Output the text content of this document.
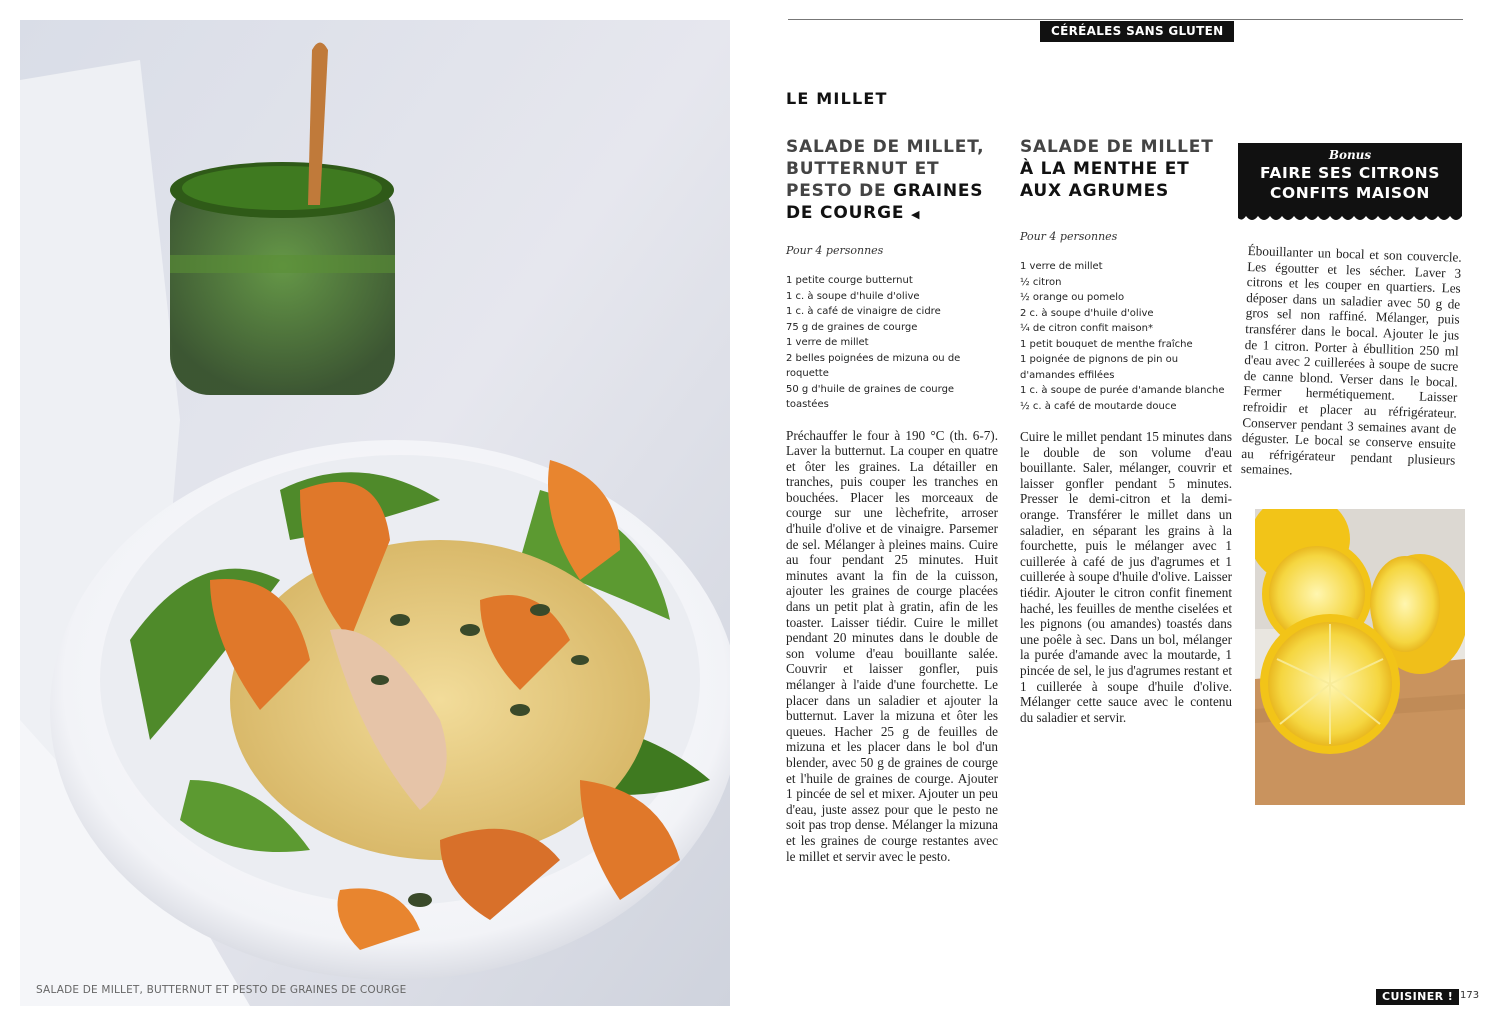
SALADE DE MILLET, BUTTERNUT ET PESTO DE GRAINES DE COURGE
CÉRÉALES SANS GLUTEN
LE MILLET
SALADE DE MILLET, BUTTERNUT ET PESTO DE GRAINES DE COURGE ◀

Pour 4 personnes

1 petite courge butternut
1 c. à soupe d'huile d'olive
1 c. à café de vinaigre de cidre
75 g de graines de courge
1 verre de millet
2 belles poignées de mizuna ou de roquette
50 g d'huile de graines de courge toastées

Préchauffer le four à 190 °C (th. 6-7). Laver la butternut. La couper en quatre et ôter les graines. La détailler en tranches, puis couper les tranches en bouchées. Placer les morceaux de courge sur une lèchefrite, arroser d'huile d'olive et de vinaigre. Parsemer de sel. Mélanger à pleines mains. Cuire au four pendant 25 minutes. Huit minutes avant la fin de la cuisson, ajouter les graines de courge placées dans un petit plat à gratin, afin de les toaster. Laisser tiédir. Cuire le millet pendant 20 minutes dans le double de son volume d'eau bouillante salée. Couvrir et laisser gonfler, puis mélanger à l'aide d'une fourchette. Le placer dans un saladier et ajouter la butternut. Laver la mizuna et ôter les queues. Hacher 25 g de feuilles de mizuna et les placer dans le bol d'un blender, avec 50 g de graines de courge et l'huile de graines de courge. Ajouter 1 pincée de sel et mixer. Ajouter un peu d'eau, juste assez pour que le pesto ne soit pas trop dense. Mélanger la mizuna et les graines de courge restantes avec le millet et servir avec le pesto.

SALADE DE MILLET À LA MENTHE ET AUX AGRUMES

Pour 4 personnes

1 verre de millet
½ citron
½ orange ou pomelo
2 c. à soupe d'huile d'olive
¼ de citron confit maison*
1 petit bouquet de menthe fraîche
1 poignée de pignons de pin ou d'amandes effilées
1 c. à soupe de purée d'amande blanche
½ c. à café de moutarde douce

Cuire le millet pendant 15 minutes dans le double de son volume d'eau bouillante. Saler, mélanger, couvrir et laisser gonfler pendant 5 minutes. Presser le demi-citron et la demi-orange. Transférer le millet dans un saladier, en séparant les grains à la fourchette, puis le mélanger avec 1 cuillerée à café de jus d'agrumes et 1 cuillerée à soupe d'huile d'olive. Laisser tiédir. Ajouter le citron confit finement haché, les feuilles de menthe ciselées et les pignons (ou amandes) toastés dans une poêle à sec. Dans un bol, mélanger la purée d'amande avec la moutarde, 1 pincée de sel, le jus d'agrumes restant et 1 cuillerée à soupe d'huile d'olive. Mélanger cette sauce avec le contenu du saladier et servir.

Bonus
FAIRE SES CITRONS CONFITS MAISON

Ébouillanter un bocal et son couvercle. Les égoutter et les sécher. Laver 3 citrons et les couper en quartiers. Les déposer dans un saladier avec 50 g de gros sel non raffiné. Mélanger, puis transférer dans le bocal. Ajouter le jus de 1 citron. Porter à ébullition 250 ml d'eau avec 2 cuillerées à soupe de sucre de canne blond. Verser dans le bocal. Fermer hermétiquement. Laisser refroidir et placer au réfrigérateur. Conserver pendant 3 semaines avant de déguster. Le bocal se conserve ensuite au réfrigérateur pendant plusieurs semaines.

CUISINER ! 173
